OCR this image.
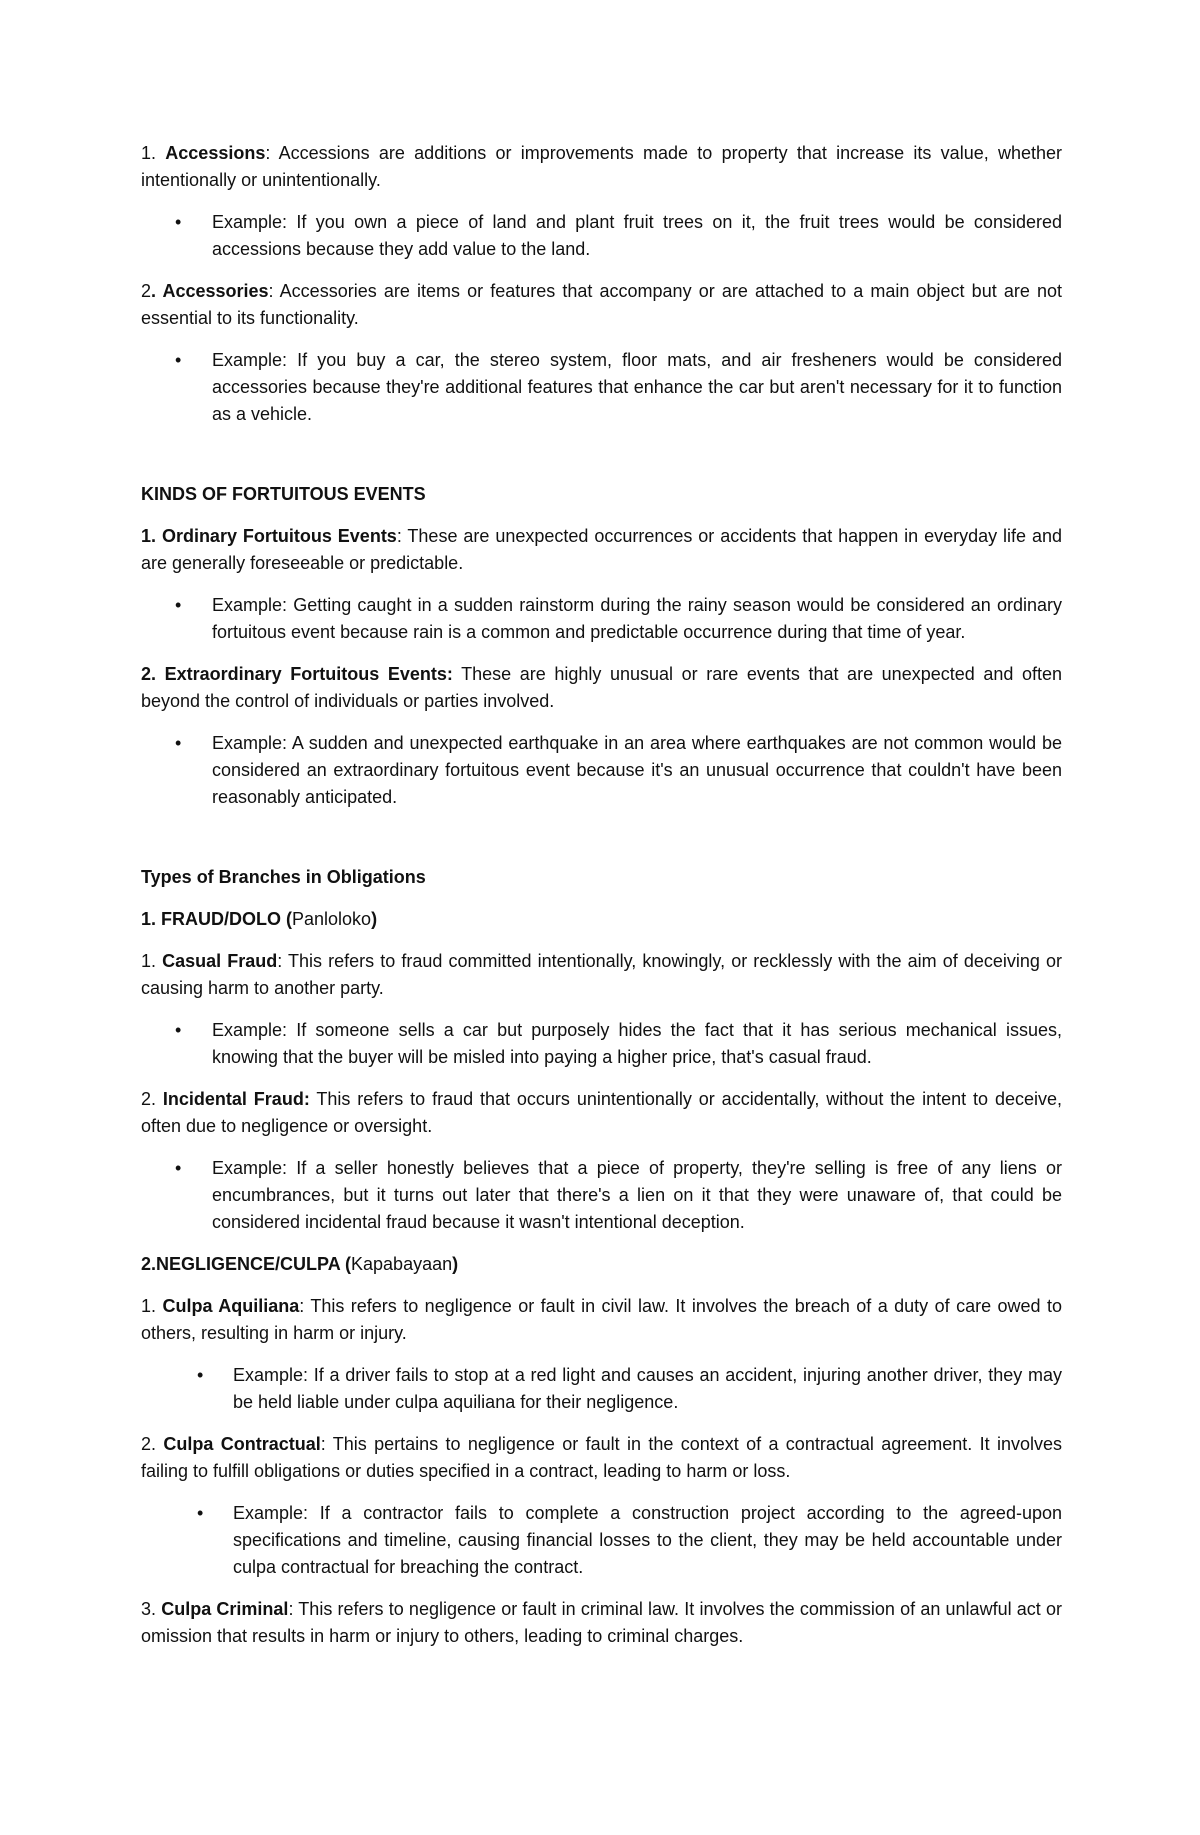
1. Accessions: Accessions are additions or improvements made to property that increase its value, whether intentionally or unintentionally.

• Example: If you own a piece of land and plant fruit trees on it, the fruit trees would be considered accessions because they add value to the land.

2. Accessories: Accessories are items or features that accompany or are attached to a main object but are not essential to its functionality.

• Example: If you buy a car, the stereo system, floor mats, and air fresheners would be considered accessories because they're additional features that enhance the car but aren't necessary for it to function as a vehicle.

KINDS OF FORTUITOUS EVENTS

1. Ordinary Fortuitous Events: These are unexpected occurrences or accidents that happen in everyday life and are generally foreseeable or predictable.

• Example: Getting caught in a sudden rainstorm during the rainy season would be considered an ordinary fortuitous event because rain is a common and predictable occurrence during that time of year.

2. Extraordinary Fortuitous Events: These are highly unusual or rare events that are unexpected and often beyond the control of individuals or parties involved.

• Example: A sudden and unexpected earthquake in an area where earthquakes are not common would be considered an extraordinary fortuitous event because it's an unusual occurrence that couldn't have been reasonably anticipated.

Types of Branches in Obligations

1. FRAUD/DOLO (Panloloko)

1. Casual Fraud: This refers to fraud committed intentionally, knowingly, or recklessly with the aim of deceiving or causing harm to another party.

• Example: If someone sells a car but purposely hides the fact that it has serious mechanical issues, knowing that the buyer will be misled into paying a higher price, that's casual fraud.

2. Incidental Fraud: This refers to fraud that occurs unintentionally or accidentally, without the intent to deceive, often due to negligence or oversight.

• Example: If a seller honestly believes that a piece of property, they're selling is free of any liens or encumbrances, but it turns out later that there's a lien on it that they were unaware of, that could be considered incidental fraud because it wasn't intentional deception.

2.NEGLIGENCE/CULPA (Kapabayaan)

1. Culpa Aquiliana: This refers to negligence or fault in civil law. It involves the breach of a duty of care owed to others, resulting in harm or injury.

• Example: If a driver fails to stop at a red light and causes an accident, injuring another driver, they may be held liable under culpa aquiliana for their negligence.

2. Culpa Contractual: This pertains to negligence or fault in the context of a contractual agreement. It involves failing to fulfill obligations or duties specified in a contract, leading to harm or loss.

• Example: If a contractor fails to complete a construction project according to the agreed-upon specifications and timeline, causing financial losses to the client, they may be held accountable under culpa contractual for breaching the contract.

3. Culpa Criminal: This refers to negligence or fault in criminal law. It involves the commission of an unlawful act or omission that results in harm or injury to others, leading to criminal charges.
